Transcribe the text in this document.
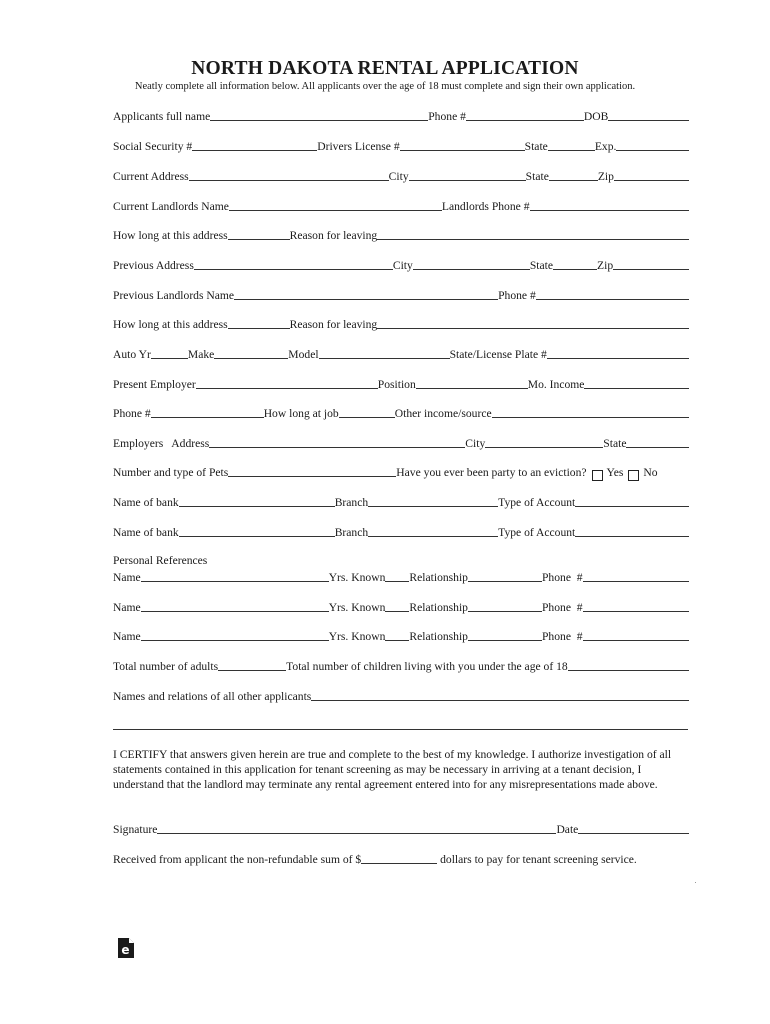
NORTH DAKOTA RENTAL APPLICATION
Neatly complete all information below. All applicants over the age of 18 must complete and sign their own application.
Applicants full name	Phone #	DOB
Social Security #	Drivers License #	State	Exp.
Current Address	City	State	Zip
Current Landlords Name	Landlords Phone #
How long at this address	Reason for leaving
Previous Address	City	State	Zip
Previous Landlords Name	Phone #
How long at this address	Reason for leaving
Auto Yr	Make	Model	State/License Plate #
Present Employer	Position	Mo. Income
Phone #	How long at job	Other income/source
Employers   Address	City	State
Number and type of Pets	Have you ever been party to an eviction? Yes No
Name of bank	Branch	Type of Account
Name of bank	Branch	Type of Account
Personal References
Name	Yrs. Known Relationship	Phone  #
Name	Yrs. Known Relationship	Phone  #
Name	Yrs. Known Relationship	Phone  #
Total number of adults	Total number of children living with you under the age of 18
Names and relations of all other applicants
I CERTIFY that answers given herein are true and complete to the best of my knowledge. I authorize investigation of all statements contained in this application for tenant screening as may be necessary in arriving at a tenant decision, I understand that the landlord may terminate any rental agreement entered into for any misrepresentations made above.
Signature	Date
Received from applicant the non-refundable sum of $	dollars to pay for tenant screening service.
e
